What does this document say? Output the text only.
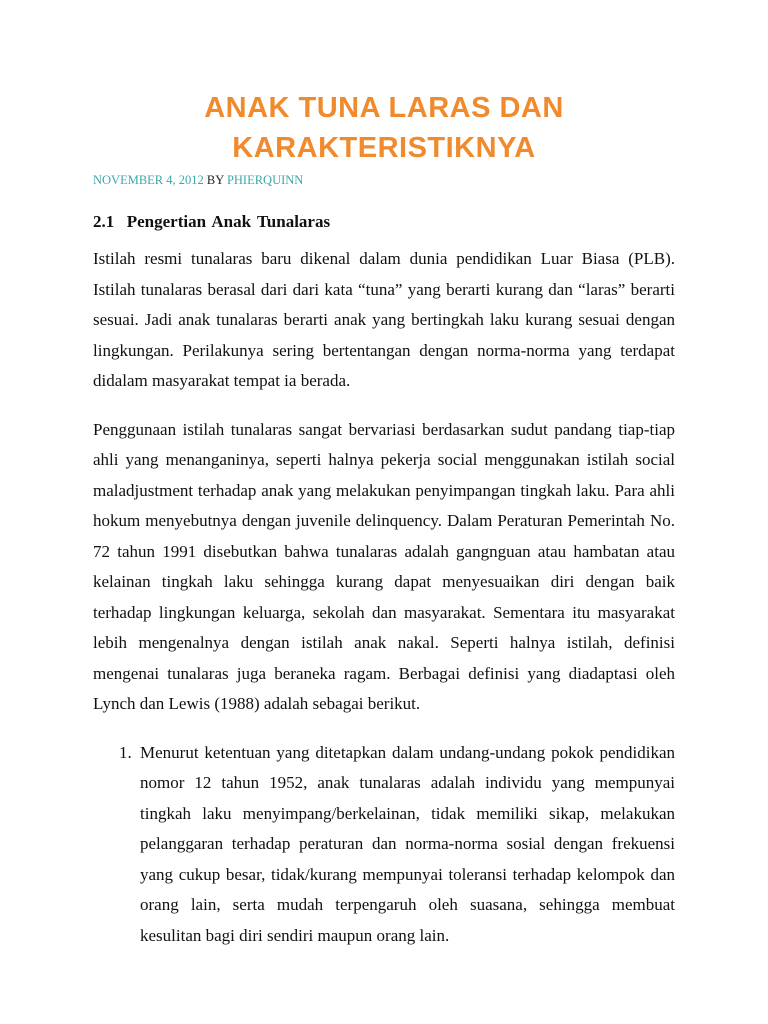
ANAK TUNA LARAS DAN
KARAKTERISTIKNYA
NOVEMBER 4, 2012 BY PHIERQUINN
2.1  Pengertian Anak Tunalaras

Istilah resmi tunalaras baru dikenal dalam dunia pendidikan Luar Biasa (PLB). Istilah tunalaras berasal dari dari kata “tuna” yang berarti kurang dan “laras” berarti sesuai. Jadi anak tunalaras berarti anak yang bertingkah laku kurang sesuai dengan lingkungan. Perilakunya sering bertentangan dengan norma-norma yang terdapat didalam masyarakat tempat ia berada.

Penggunaan istilah tunalaras sangat bervariasi berdasarkan sudut pandang tiap-tiap ahli yang menanganinya, seperti halnya pekerja social menggunakan istilah social maladjustment terhadap anak yang melakukan penyimpangan tingkah laku. Para ahli hokum menyebutnya dengan juvenile delinquency. Dalam Peraturan Pemerintah No. 72 tahun 1991 disebutkan bahwa tunalaras adalah gangnguan atau hambatan atau kelainan tingkah laku sehingga kurang dapat menyesuaikan diri dengan baik terhadap lingkungan keluarga, sekolah dan masyarakat. Sementara itu masyarakat lebih mengenalnya dengan istilah anak nakal. Seperti halnya istilah, definisi mengenai tunalaras juga beraneka ragam. Berbagai definisi yang diadaptasi oleh Lynch dan Lewis (1988) adalah sebagai berikut.

1. Menurut ketentuan yang ditetapkan dalam undang-undang pokok pendidikan nomor 12 tahun 1952, anak tunalaras adalah individu yang mempunyai tingkah laku menyimpang/berkelainan, tidak memiliki sikap, melakukan pelanggaran terhadap peraturan dan norma-norma sosial dengan frekuensi yang cukup besar, tidak/kurang mempunyai toleransi terhadap kelompok dan orang lain, serta mudah terpengaruh oleh suasana, sehingga membuat kesulitan bagi diri sendiri maupun orang lain.
